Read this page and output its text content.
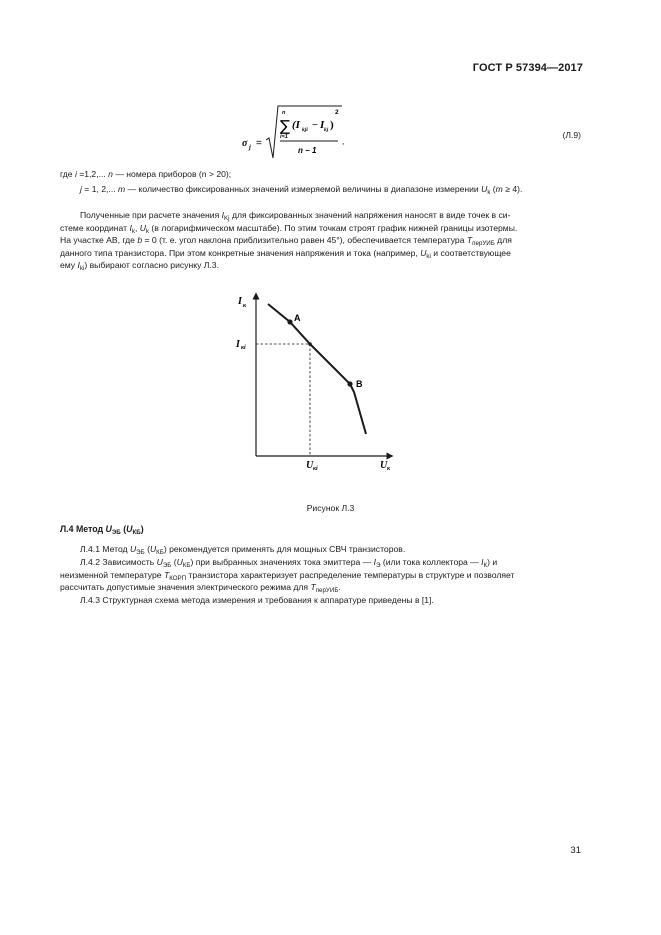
ГОСТ Р 57394—2017
σ j =
n
∑
i=1
(I kji − I kj )
2
n − 1
,
(Л.9)
где i =1,2,... n — номера приборов (n > 20);
j = 1, 2,... m — количество фиксированных значений измеряемой величины в диапазоне измерении $U_k$ (m ≥ 4).
Полученные при расчете значения $I_{Kj}$ для фиксированных значений напряжения наносят в виде точек в си-
стеме координат $I_k$, $U_k$ (в логарифмическом масштабе). По этим точкам строят график нижней границы изотермы.
На участке АВ, где b = 0 (т. е. угол наклона приблизительно равен 45°), обеспечивается температура $T_{перУИБ}$ для
данного типа транзистора. При этом конкретные значения напряжения и тока (например, $U_{ki}$ и соответствующее
ему $I_{ki}$) выбирают согласно рисунку Л.3.
I к
U к
A
B
I кi
U кi
Рисунок Л.3
Л.4 Метод $U_{ЭБ}$ $(U_{КБ})$
Л.4.1 Метод $U_{ЭБ}$ $(U_{КБ})$ рекомендуется применять для мощных СВЧ транзисторов.
Л.4.2 Зависимость $U_{ЭБ}$ $(U_{КБ})$ при выбранных значениях тока эмиттера — $I_Э$ (или тока коллектора — $I_К$) и
неизменной температуре $T_{КОРП}$ транзистора характеризует распределение температуры в структуре и позволяет
рассчитать допустимые значения электрического режима для $T_{перУИБ}$.
Л.4.3 Структурная схема метода измерения и требования к аппаратуре приведены в [1].
31
